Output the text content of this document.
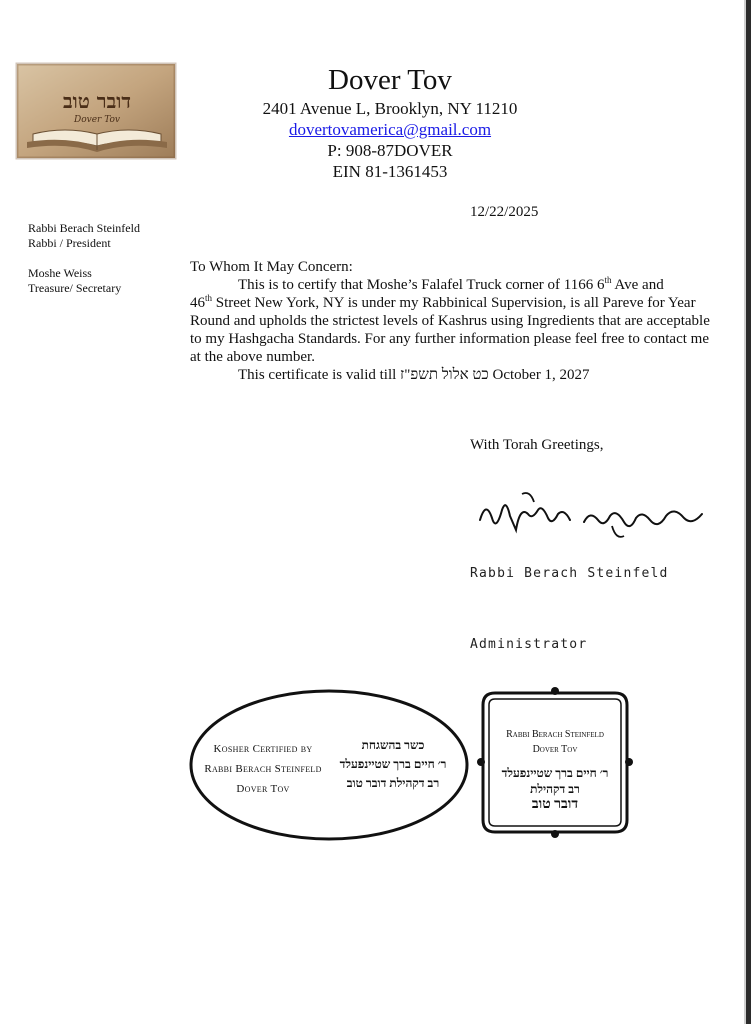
דובר טוב
Dover Tov
Dover Tov
2401 Avenue L, Brooklyn, NY 11210
dovertovamerica@gmail.com
P: 908-87DOVER
EIN 81-1361453
12/22/2025
Rabbi Berach Steinfeld
Rabbi / President
Moshe Weiss
Treasure/ Secretary

To Whom It May Concern:

This is to certify that Moshe’s Falafel Truck corner of 1166 6th Ave and
46th Street New York, NY is under my Rabbinical Supervision, is all Pareve for Year Round and upholds the strictest levels of Kashrus using Ingredients that are acceptable to my Hashgacha Standards. For any further information please feel free to contact me at the above number.

This certificate is valid till כט אלול תשפ"ז October 1, 2027

With Torah Greetings,
Rabbi Berach Steinfeld
Administrator
Kosher Certified by
Rabbi Berach Steinfeld
Dover Tov
כשר בהשגחת
ר׳ חיים ברך שטיינפעלד
רב דקהילת דובר טוב
Rabbi Berach Steinfeld
Dover Tov
ר׳ חיים ברך שטיינפעלד
רב דקהילת
דובר טוב
